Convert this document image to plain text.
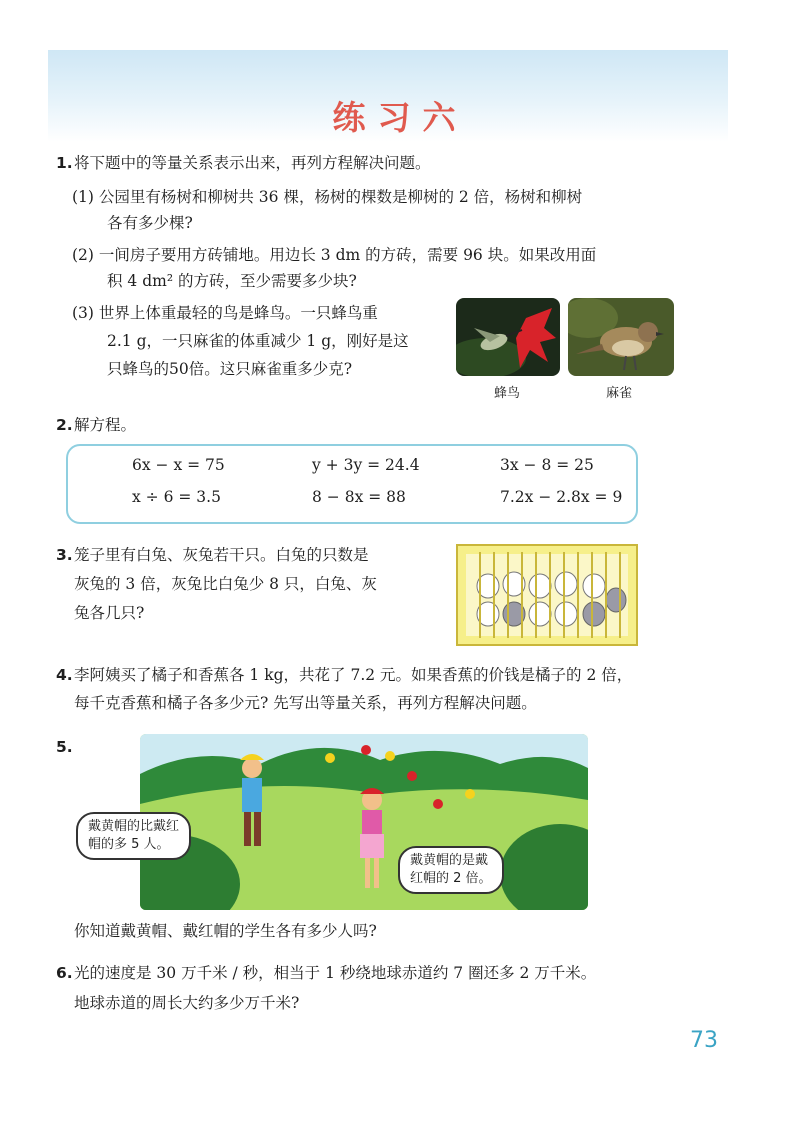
练习六
1. 将下题中的等量关系表示出来，再列方程解决问题。
(1) 公园里有杨树和柳树共 36 棵，杨树的棵数是柳树的 2 倍，杨树和柳树
各有多少棵?
(2) 一间房子要用方砖铺地。用边长 3 dm 的方砖，需要 96 块。如果改用面
积 4 dm² 的方砖，至少需要多少块?
(3) 世界上体重最轻的鸟是蜂鸟。一只蜂鸟重
2.1 g，一只麻雀的体重减少 1 g，刚好是这
只蜂鸟的50倍。这只麻雀重多少克?
蜂鸟	麻雀
2. 解方程。
6x − x = 75	y + 3y = 24.4	3x − 8 = 25
x ÷ 6 = 3.5	8 − 8x = 88	7.2x − 2.8x = 9
3. 笼子里有白兔、灰兔若干只。白兔的只数是
灰兔的 3 倍，灰兔比白兔少 8 只，白兔、灰
兔各几只?
4. 李阿姨买了橘子和香蕉各 1 kg，共花了 7.2 元。如果香蕉的价钱是橘子的 2 倍，
每千克香蕉和橘子各多少元? 先写出等量关系，再列方程解决问题。
5.
戴黄帽的比戴红
帽的多 5 人。
戴黄帽的是戴
红帽的 2 倍。
你知道戴黄帽、戴红帽的学生各有多少人吗?
6. 光的速度是 30 万千米 / 秒，相当于 1 秒绕地球赤道约 7 圈还多 2 万千米。
地球赤道的周长大约多少万千米?
73
